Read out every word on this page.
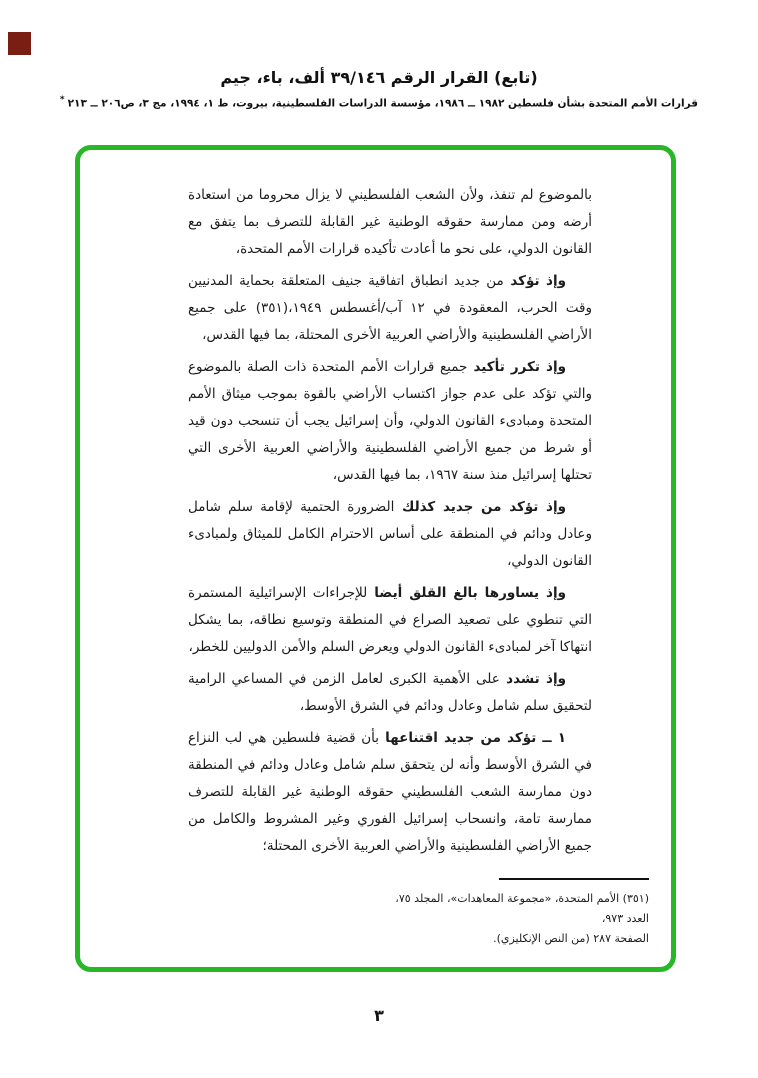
(تابع) القرار الرقم ٣٩/١٤٦ ألف، باء، جيم
قرارات الأمم المتحدة بشأن فلسطين ١٩٨٢ ــ ١٩٨٦، مؤسسة الدراسات الفلسطينية، بيروت، ط ١، ١٩٩٤، مج ٣، ص٢٠٦ ــ ٢١٣*

بالموضوع لم تنفذ، ولأن الشعب الفلسطيني لا يزال محروما من استعادة أرضه ومن ممارسة حقوقه الوطنية غير القابلة للتصرف بما يتفق مع القانون الدولي، على نحو ما أعادت تأكيده قرارات الأمم المتحدة،

وإذ تؤكد من جديد انطباق اتفاقية جنيف المتعلقة بحماية المدنيين وقت الحرب، المعقودة في ١٢ آب/أغسطس ١٩٤٩،(٣٥١) على جميع الأراضي الفلسطينية والأراضي العربية الأخرى المحتلة، بما فيها القدس،

وإذ تكرر تأكيد جميع قرارات الأمم المتحدة ذات الصلة بالموضوع والتي تؤكد على عدم جواز اكتساب الأراضي بالقوة بموجب ميثاق الأمم المتحدة ومبادىء القانون الدولي، وأن إسرائيل يجب أن تنسحب دون قيد أو شرط من جميع الأراضي الفلسطينية والأراضي العربية الأخرى التي تحتلها إسرائيل منذ سنة ١٩٦٧، بما فيها القدس،

وإذ تؤكد من جديد كذلك الضرورة الحتمية لإقامة سلم شامل وعادل ودائم في المنطقة على أساس الاحترام الكامل للميثاق ولمبادىء القانون الدولي،

وإذ يساورها بالغ القلق أيضا للإجراءات الإسرائيلية المستمرة التي تنطوي على تصعيد الصراع في المنطقة وتوسيع نطاقه، بما يشكل انتهاكا آخر لمبادىء القانون الدولي ويعرض السلم والأمن الدوليين للخطر،

وإذ تشدد على الأهمية الكبرى لعامل الزمن في المساعي الرامية لتحقيق سلم شامل وعادل ودائم في الشرق الأوسط،

١ ــ تؤكد من جديد اقتناعها بأن قضية فلسطين هي لب النزاع في الشرق الأوسط وأنه لن يتحقق سلم شامل وعادل ودائم في المنطقة دون ممارسة الشعب الفلسطيني حقوقه الوطنية غير القابلة للتصرف ممارسة تامة، وانسحاب إسرائيل الفوري وغير المشروط والكامل من جميع الأراضي الفلسطينية والأراضي العربية الأخرى المحتلة؛

(٣٥١) الأمم المتحدة، «مجموعة المعاهدات»، المجلد ٧٥، العدد ٩٧٣،
الصفحة ٢٨٧ (من النص الإنكليزي).
٣
